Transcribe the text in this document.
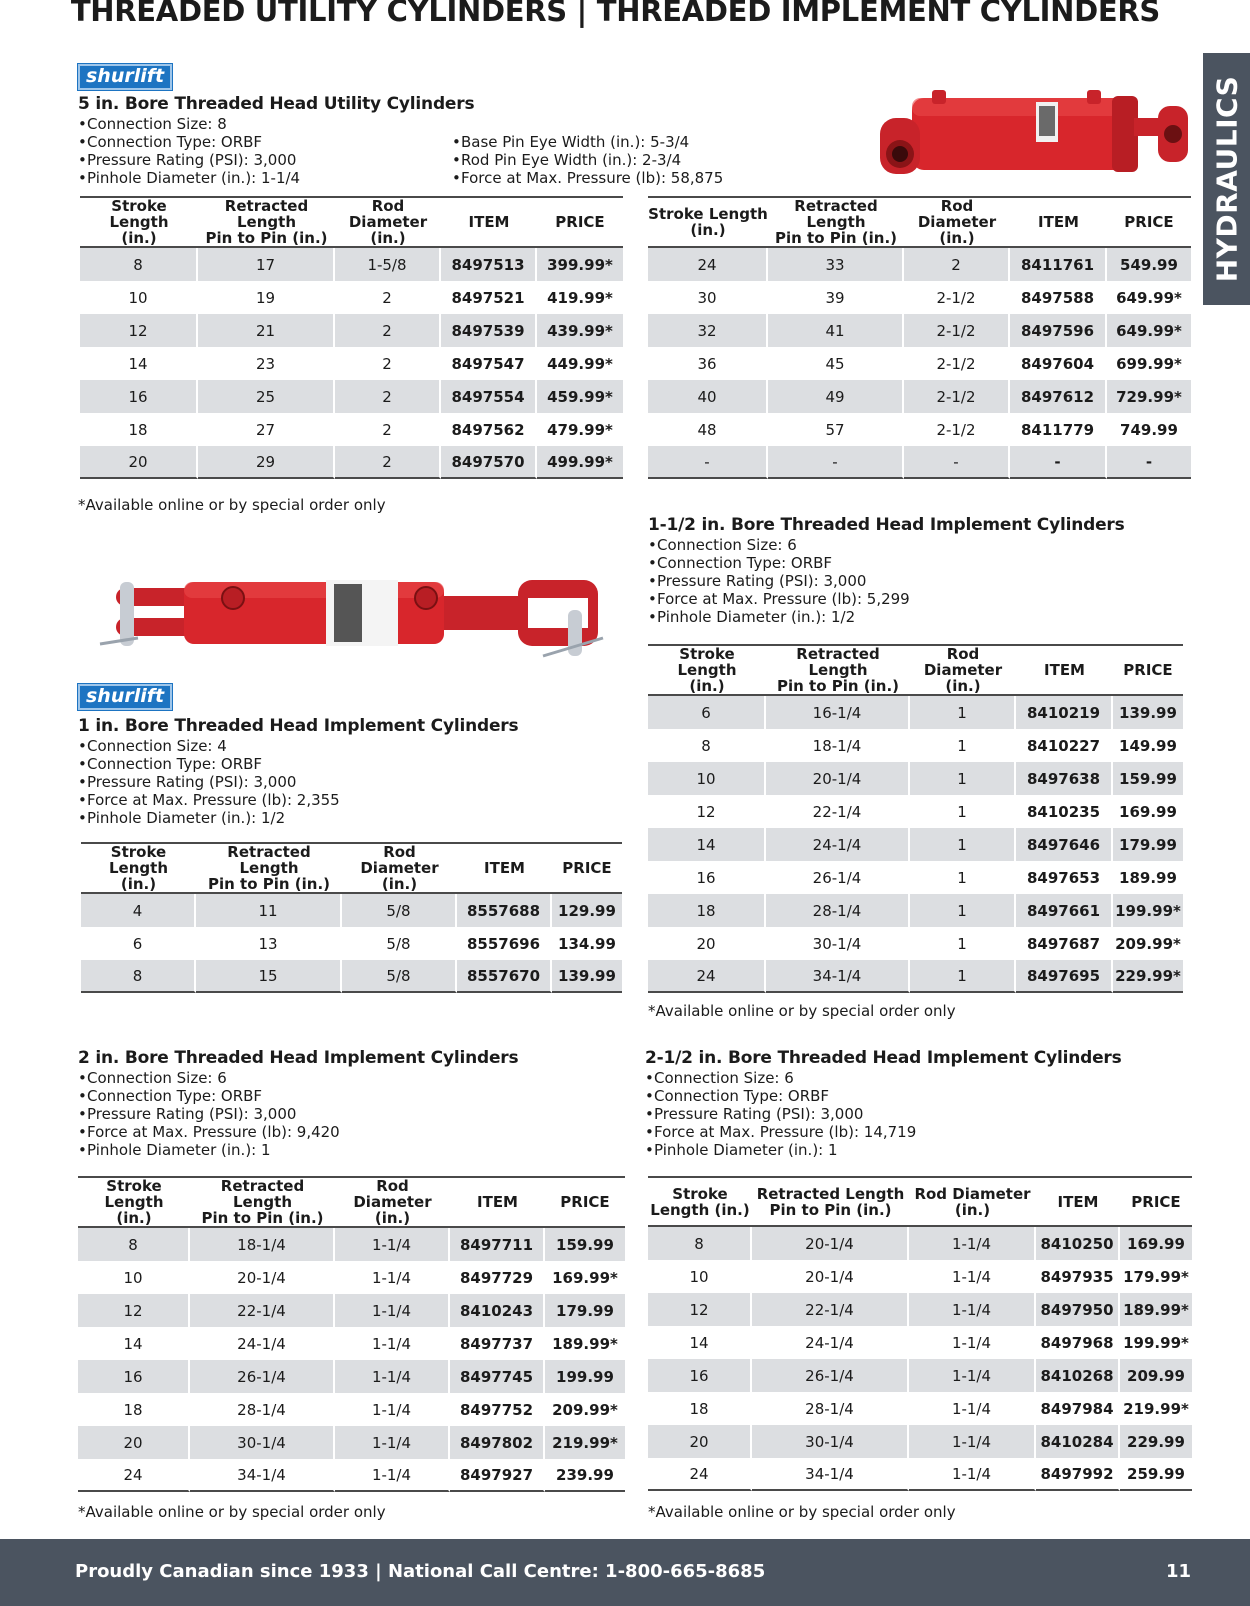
THREADED UTILITY CYLINDERS | THREADED IMPLEMENT CYLINDERS
HYDRAULICS
shurlift
5 in. Bore Threaded Head Utility Cylinders
•Connection Size: 8
•Connection Type: ORBF
•Pressure Rating (PSI): 3,000
•Pinhole Diameter (in.): 1-1/4
•Base Pin Eye Width (in.): 5-3/4
•Rod Pin Eye Width (in.): 2-3/4
•Force at Max. Pressure (lb): 58,875
Stroke Length
(in.)	Retracted Length
Pin to Pin (in.)	Rod
Diameter (in.)	ITEM	PRICE
8	17	1-5/8	8497513	399.99*
10	19	2	8497521	419.99*
12	21	2	8497539	439.99*
14	23	2	8497547	449.99*
16	25	2	8497554	459.99*
18	27	2	8497562	479.99*
20	29	2	8497570	499.99*
Stroke Length
(in.)	Retracted Length
Pin to Pin (in.)	Rod
Diameter (in.)	ITEM	PRICE
24	33	2	8411761	549.99
30	39	2-1/2	8497588	649.99*
32	41	2-1/2	8497596	649.99*
36	45	2-1/2	8497604	699.99*
40	49	2-1/2	8497612	729.99*
48	57	2-1/2	8411779	749.99
-	-	-	-	-
*Available online or by special order only
shurlift
1 in. Bore Threaded Head Implement Cylinders
•Connection Size: 4
•Connection Type: ORBF
•Pressure Rating (PSI): 3,000
•Force at Max. Pressure (lb): 2,355
•Pinhole Diameter (in.): 1/2
Stroke Length
(in.)	Retracted Length
Pin to Pin (in.)	Rod Diameter
(in.)	ITEM	PRICE
4	11	5/8	8557688	129.99
6	13	5/8	8557696	134.99
8	15	5/8	8557670	139.99
1-1/2 in. Bore Threaded Head Implement Cylinders
•Connection Size: 6
•Connection Type: ORBF
•Pressure Rating (PSI): 3,000
•Force at Max. Pressure (lb): 5,299
•Pinhole Diameter (in.): 1/2
Stroke Length
(in.)	Retracted Length
Pin to Pin (in.)	Rod
Diameter (in.)	ITEM	PRICE
6	16-1/4	1	8410219	139.99
8	18-1/4	1	8410227	149.99
10	20-1/4	1	8497638	159.99
12	22-1/4	1	8410235	169.99
14	24-1/4	1	8497646	179.99
16	26-1/4	1	8497653	189.99
18	28-1/4	1	8497661	199.99*
20	30-1/4	1	8497687	209.99*
24	34-1/4	1	8497695	229.99*
*Available online or by special order only
2 in. Bore Threaded Head Implement Cylinders
•Connection Size: 6
•Connection Type: ORBF
•Pressure Rating (PSI): 3,000
•Force at Max. Pressure (lb): 9,420
•Pinhole Diameter (in.): 1
Stroke Length
(in.)	Retracted Length
Pin to Pin (in.)	Rod Diameter
(in.)	ITEM	PRICE
8	18-1/4	1-1/4	8497711	159.99
10	20-1/4	1-1/4	8497729	169.99*
12	22-1/4	1-1/4	8410243	179.99
14	24-1/4	1-1/4	8497737	189.99*
16	26-1/4	1-1/4	8497745	199.99
18	28-1/4	1-1/4	8497752	209.99*
20	30-1/4	1-1/4	8497802	219.99*
24	34-1/4	1-1/4	8497927	239.99
*Available online or by special order only
2-1/2 in. Bore Threaded Head Implement Cylinders
•Connection Size: 6
•Connection Type: ORBF
•Pressure Rating (PSI): 3,000
•Force at Max. Pressure (lb): 14,719
•Pinhole Diameter (in.): 1
Stroke
Length (in.)	Retracted Length
Pin to Pin (in.)	Rod Diameter
(in.)	ITEM	PRICE
8	20-1/4	1-1/4	8410250	169.99
10	20-1/4	1-1/4	8497935	179.99*
12	22-1/4	1-1/4	8497950	189.99*
14	24-1/4	1-1/4	8497968	199.99*
16	26-1/4	1-1/4	8410268	209.99
18	28-1/4	1-1/4	8497984	219.99*
20	30-1/4	1-1/4	8410284	229.99
24	34-1/4	1-1/4	8497992	259.99
*Available online or by special order only
Proudly Canadian since 1933 | National Call Centre: 1-800-665-8685	11
